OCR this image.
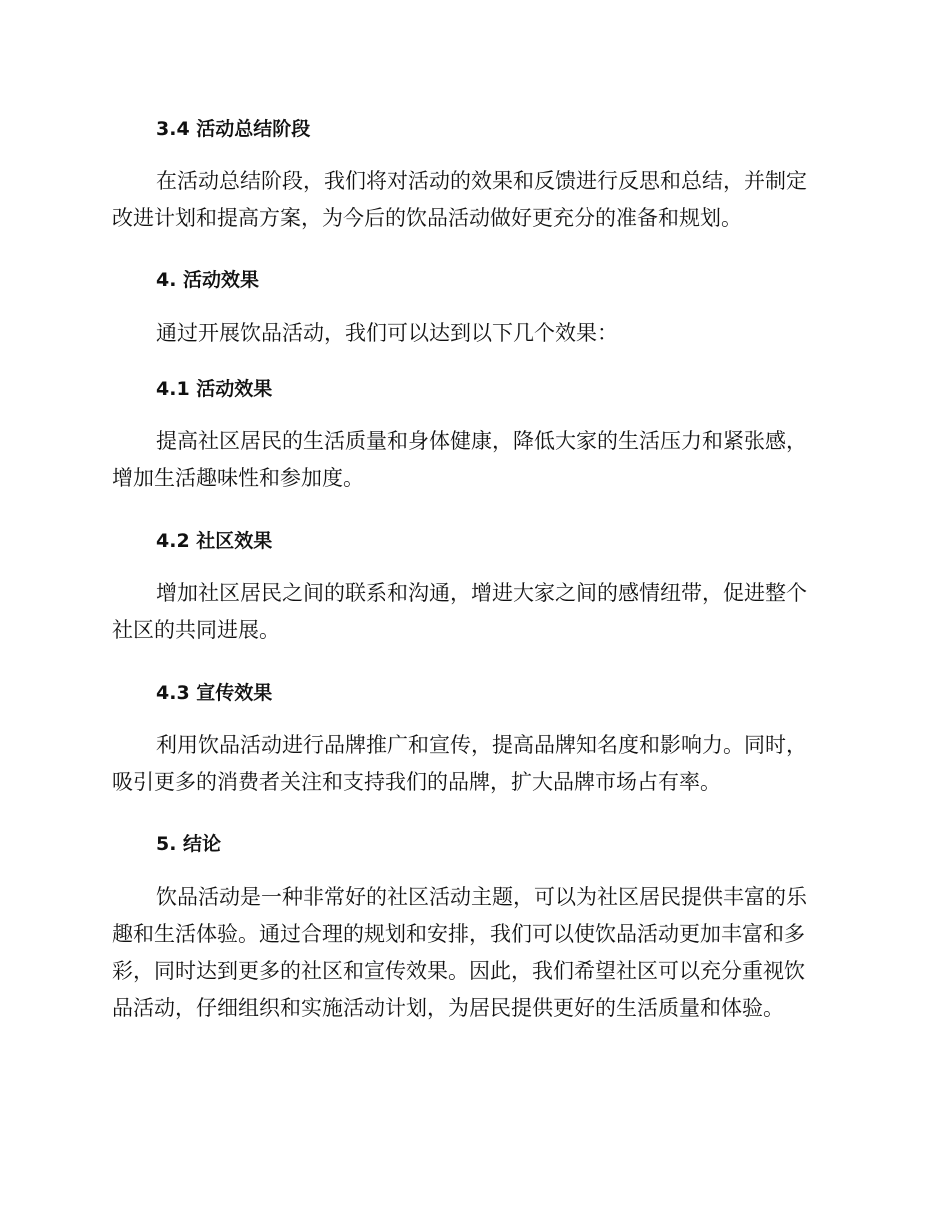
3.4 活动总结阶段
在活动总结阶段，我们将对活动的效果和反馈进行反思和总结，并制定
改进计划和提高方案，为今后的饮品活动做好更充分的准备和规划。
4. 活动效果
通过开展饮品活动，我们可以达到以下几个效果：
4.1 活动效果
提高社区居民的生活质量和身体健康，降低大家的生活压力和紧张感，
增加生活趣味性和参加度。
4.2 社区效果
增加社区居民之间的联系和沟通，增进大家之间的感情纽带，促进整个
社区的共同进展。
4.3 宣传效果
利用饮品活动进行品牌推广和宣传，提高品牌知名度和影响力。同时，
吸引更多的消费者关注和支持我们的品牌，扩大品牌市场占有率。
5. 结论
饮品活动是一种非常好的社区活动主题，可以为社区居民提供丰富的乐
趣和生活体验。通过合理的规划和安排，我们可以使饮品活动更加丰富和多
彩，同时达到更多的社区和宣传效果。因此，我们希望社区可以充分重视饮
品活动，仔细组织和实施活动计划，为居民提供更好的生活质量和体验。
